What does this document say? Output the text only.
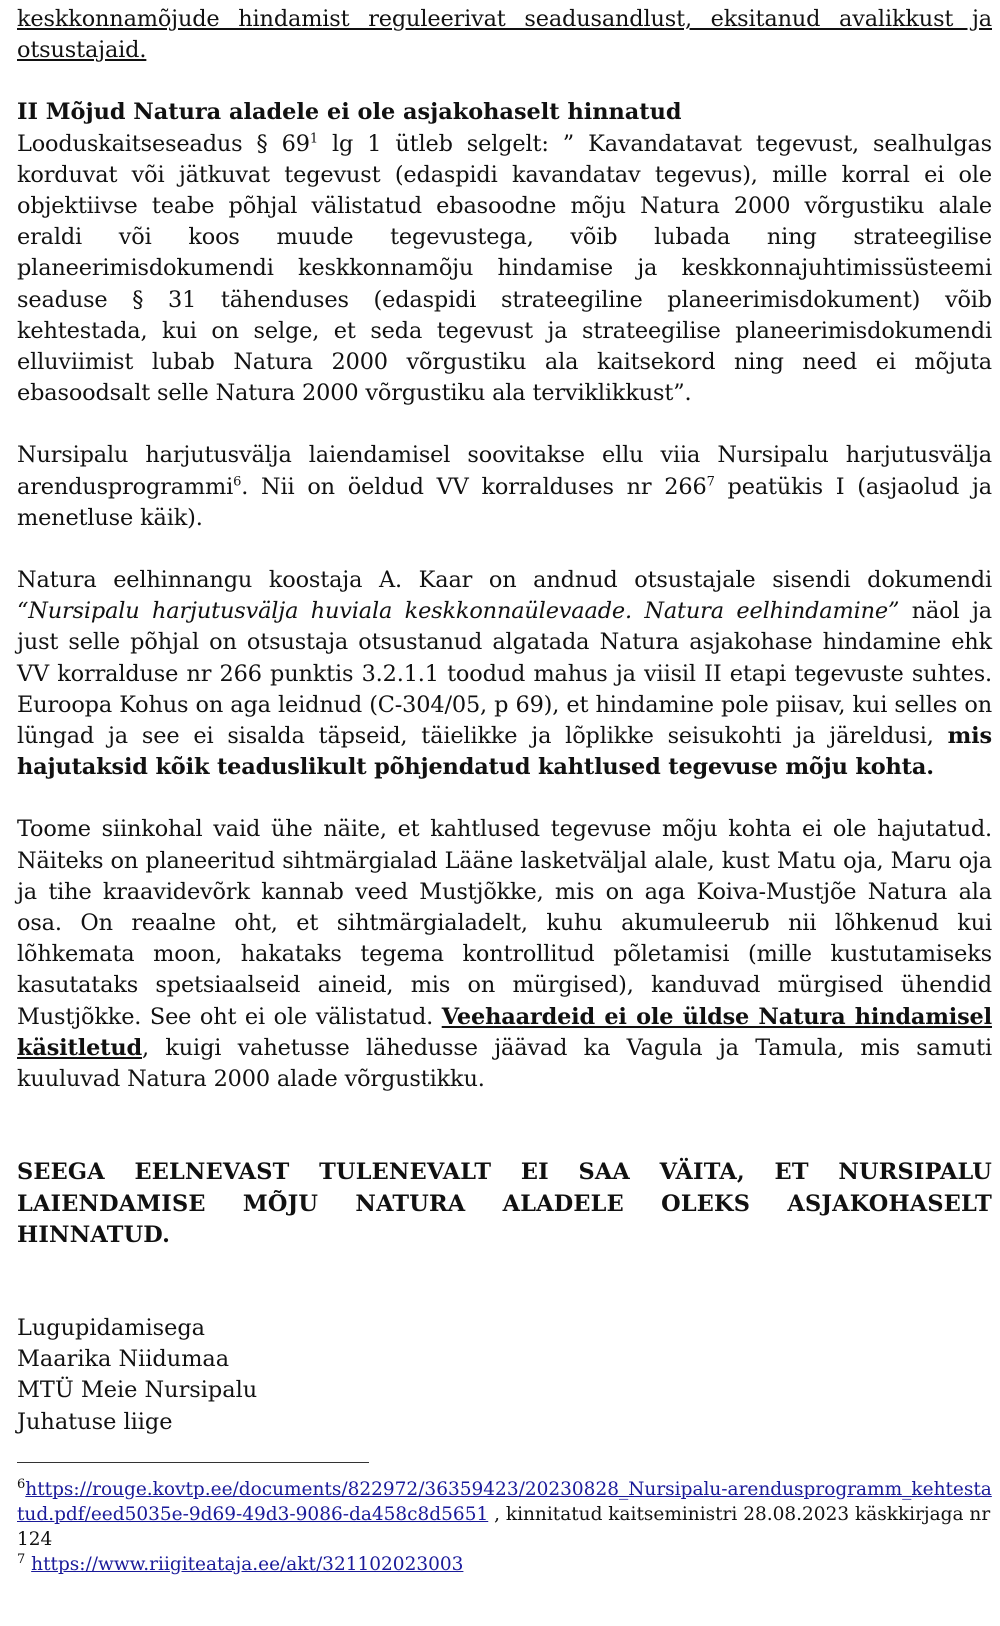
keskkonnamõjude hindamist reguleerivat seadusandlust, eksitanud avalikkust ja otsustajaid.

II Mõjud Natura aladele ei ole asjakohaselt hinnatud

Looduskaitseseadus § $69^1$ lg 1 ütleb selgelt: ” Kavandatavat tegevust, sealhulgas korduvat või jätkuvat tegevust (edaspidi kavandatav tegevus), mille korral ei ole objektiivse teabe põhjal välistatud ebasoodne mõju Natura 2000 võrgustiku alale eraldi või koos muude tegevustega, võib lubada ning strateegilise planeerimisdokumendi keskkonnamõju hindamise ja keskkonnajuhtimissüsteemi seaduse § 31 tähenduses (edaspidi strateegiline planeerimisdokument) võib kehtestada, kui on selge, et seda tegevust ja strateegilise planeerimisdokumendi elluviimist lubab Natura 2000 võrgustiku ala kaitsekord ning need ei mõjuta ebasoodsalt selle Natura 2000 võrgustiku ala terviklikkust”.

Nursipalu harjutusvälja laiendamisel soovitakse ellu viia Nursipalu harjutusvälja arendusprogrammi$^6$. Nii on öeldud VV korralduses nr $266^7$ peatükis I (asjaolud ja menetluse käik).

Natura eelhinnangu koostaja A. Kaar on andnud otsustajale sisendi dokumendi “Nursipalu harjutusvälja huviala keskkonnaülevaade. Natura eelhindamine” näol ja just selle põhjal on otsustaja otsustanud algatada Natura asjakohase hindamine ehk VV korralduse nr 266 punktis 3.2.1.1 toodud mahus ja viisil II etapi tegevuste suhtes. Euroopa Kohus on aga leidnud (C-304/05, p 69), et hindamine pole piisav, kui selles on lüngad ja see ei sisalda täpseid, täielikke ja lõplikke seisukohti ja järeldusi, mis hajutaksid kõik teaduslikult põhjendatud kahtlused tegevuse mõju kohta.

Toome siinkohal vaid ühe näite, et kahtlused tegevuse mõju kohta ei ole hajutatud. Näiteks on planeeritud sihtmärgialad Lääne lasketväljal alale, kust Matu oja, Maru oja ja tihe kraavidevõrk kannab veed Mustjõkke, mis on aga Koiva-Mustjõe Natura ala osa. On reaalne oht, et sihtmärgialadelt, kuhu akumuleerub nii lõhkenud kui lõhkemata moon, hakataks tegema kontrollitud põletamisi (mille kustutamiseks kasutataks spetsiaalseid aineid, mis on mürgised), kanduvad mürgised ühendid Mustjõkke. See oht ei ole välistatud. Veehaardeid ei ole üldse Natura hindamisel käsitletud, kuigi vahetusse lähedusse jäävad ka Vagula ja Tamula, mis samuti kuuluvad Natura 2000 alade võrgustikku.

SEEGA EELNEVAST TULENEVALT EI SAA VÄITA, ET NURSIPALU LAIENDAMISE MÕJU NATURA ALADELE OLEKS ASJAKOHASELT HINNATUD.

Lugupidamisega

Maarika Niidumaa

MTÜ Meie Nursipalu

Juhatuse liige

$^6$https://rouge.kovtp.ee/documents/822972/36359423/20230828_Nursipalu-arendusprogramm_kehtestatud.pdf/eed5035e-9d69-49d3-9086-da458c8d5651 , kinnitatud kaitseministri 28.08.2023 käskkirjaga nr 124

$^7$ https://www.riigiteataja.ee/akt/321102023003
